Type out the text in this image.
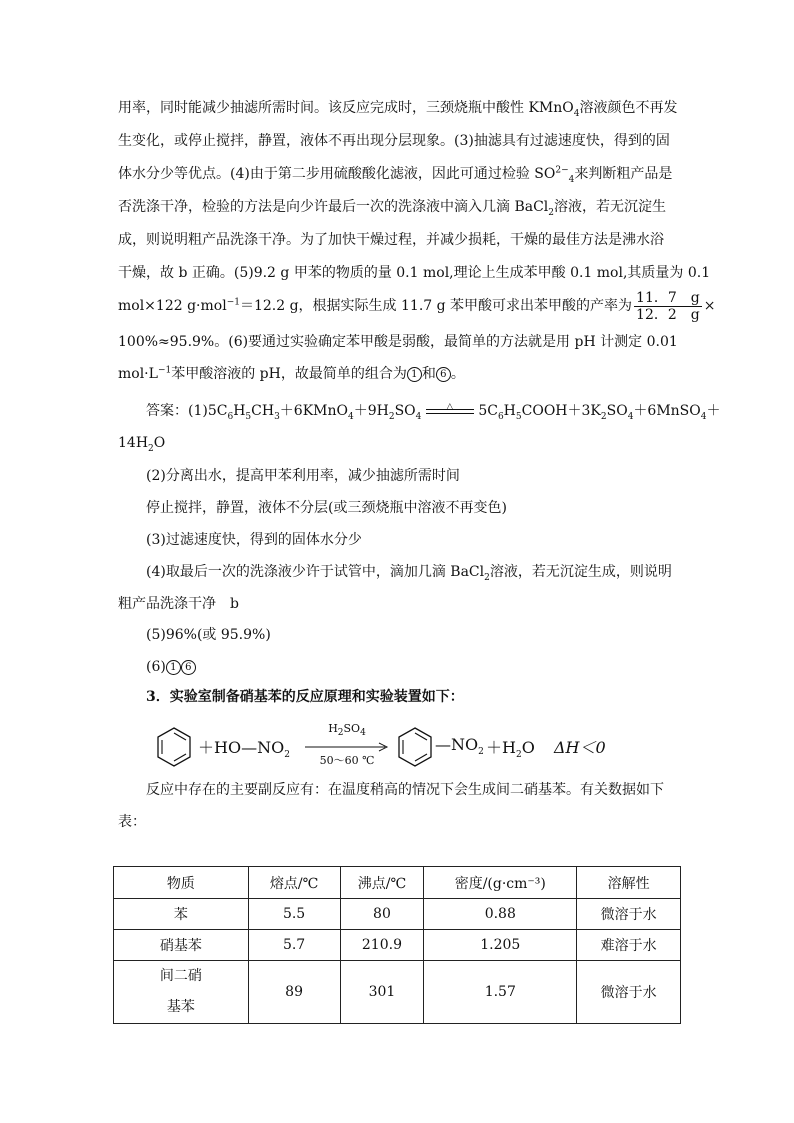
用率，同时能减少抽滤所需时间。该反应完成时，三颈烧瓶中酸性 KMnO$_4$溶液颜色不再发
生变化，或停止搅拌，静置，液体不再出现分层现象。(3)抽滤具有过滤速度快，得到的固
体水分少等优点。(4)由于第二步用硫酸酸化滤液，因此可通过检验 $SO^{2-}_4$来判断粗产品是
否洗涤干净，检验的方法是向少许最后一次的洗涤液中滴入几滴 BaCl$_2$溶液，若无沉淀生
成，则说明粗产品洗涤干净。为了加快干燥过程，并减少损耗，干燥的最佳方法是沸水浴
干燥，故 b 正确。(5)9.2 g 甲苯的物质的量 0.1 mol,理论上生成苯甲酸 0.1 mol,其质量为 0.1
mol×122 g·mol$^{-1}$＝12.2 g，根据实际生成 11.7 g 苯甲酸可求出苯甲酸的产率为 $\frac{11.7 g}{12.2 g}$ ×
100%≈95.9%。(6)要通过实验确定苯甲酸是弱酸，最简单的方法就是用 pH 计测定 0.01
$mol\cdot L^{-1}$苯甲酸溶液的 pH，故最简单的组合为 1 和 6 。
答案：$(1)5C_6H_5CH_3+6KMnO_4+9H_2SO_4$
△	$5C_6H_5COOH+3K_2SO_4+6MnSO_4+$
$14H_2O$
(2)分离出水，提高甲苯利用率，减少抽滤所需时间
停止搅拌，静置，液体不分层(或三颈烧瓶中溶液不再变色)
(3)过滤速度快，得到的固体水分少
(4)取最后一次的洗涤液少许于试管中，滴加几滴 BaCl$_2$溶液，若无沉淀生成，则说明
粗产品洗涤干净　b
(5)96%(或 95.9%)
(6) 1 6
3．实验室制备硝基苯的反应原理和实验装置如下：
$+HO—NO_2$
$H_2SO_4$
50～60 ℃
$—NO_2 +H_2O$ ΔH＜0
反应中存在的主要副反应有：在温度稍高的情况下会生成间二硝基苯。有关数据如下
表：
物质	熔点/℃	沸点/℃	密度/(g·cm⁻³)	溶解性
苯	5.5	80	0.88	微溶于水
硝基苯	5.7	210.9	1.205	难溶于水
间二硝
基苯	89	301	1.57	微溶于水
